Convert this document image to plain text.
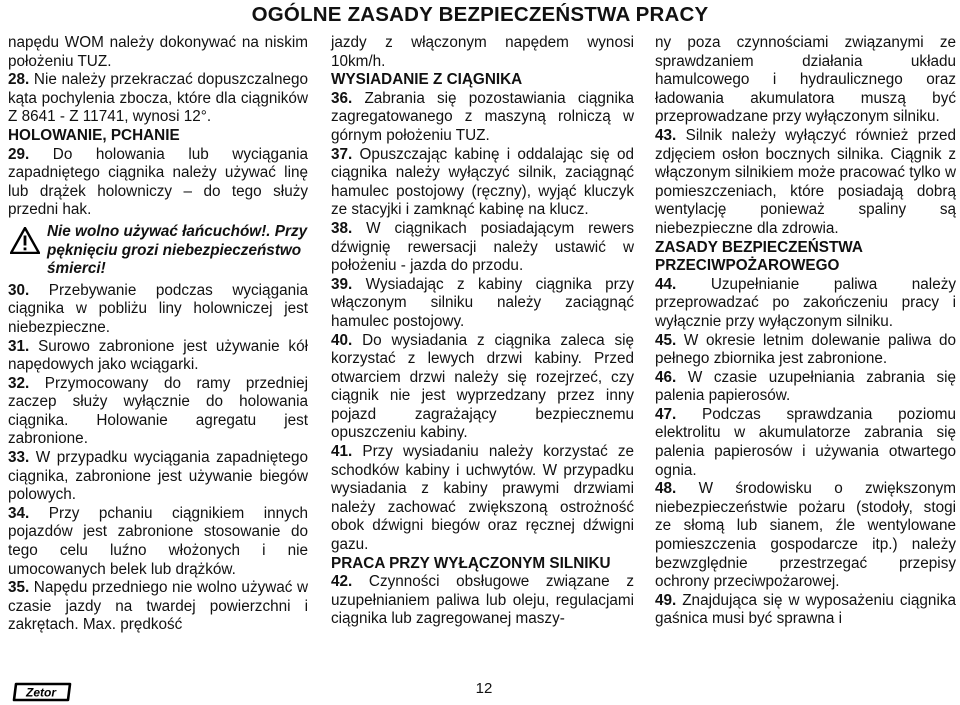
OGÓLNE ZASADY BEZPIECZEŃSTWA PRACY

napędu WOM należy dokonywać na niskim położeniu TUZ.

28. Nie należy przekraczać dopuszczalnego kąta pochylenia zbocza, które dla ciągników Z 8641 - Z 11741, wynosi 12°.

HOLOWANIE, PCHANIE

29. Do holowania lub wyciągania zapadniętego ciągnika należy używać linę lub drążek holowniczy – do tego służy przedni hak.

Nie wolno używać łańcuchów!. Przy pęknięciu grozi niebezpieczeństwo śmierci!

30. Przebywanie podczas wyciągania ciągnika w pobliżu liny holowniczej jest niebezpieczne.

31. Surowo zabronione jest używanie kół napędowych jako wciągarki.

32. Przymocowany do ramy przedniej zaczep służy wyłącznie do holowania ciągnika. Holowanie agregatu jest zabronione.

33. W przypadku wyciągania zapadniętego ciągnika, zabronione jest używanie biegów polowych.

34. Przy pchaniu ciągnikiem innych pojazdów jest zabronione stosowanie do tego celu luźno włożonych i nie umocowanych belek lub drążków.

35. Napędu przedniego nie wolno używać w czasie jazdy na twardej powierzchni i zakrętach. Max. prędkość

jazdy z włączonym napędem wynosi 10km/h.

WYSIADANIE Z CIĄGNIKA

36. Zabrania się pozostawiania ciągnika zagregatowanego z maszyną rolniczą w górnym położeniu TUZ.

37. Opuszczając kabinę i oddalając się od ciągnika należy wyłączyć silnik, zaciągnąć hamulec postojowy (ręczny), wyjąć kluczyk ze stacyjki i zamknąć kabinę na klucz.

38. W ciągnikach posiadającym rewers dźwignię rewersacji należy ustawić w położeniu - jazda do przodu.

39. Wysiadając z kabiny ciągnika przy włączonym silniku należy zaciągnąć hamulec postojowy.

40. Do wysiadania z ciągnika zaleca się korzystać z lewych drzwi kabiny. Przed otwarciem drzwi należy się rozejrzeć, czy ciągnik nie jest wyprzedzany przez inny pojazd zagrażający bezpiecznemu opuszczeniu kabiny.

41. Przy wysiadaniu należy korzystać ze schodków kabiny i uchwytów. W przypadku wysiadania z kabiny prawymi drzwiami należy zachować zwiększoną ostrożność obok dźwigni biegów oraz ręcznej dźwigni gazu.

PRACA PRZY WYŁĄCZONYM SILNIKU

42. Czynności obsługowe związane z uzupełnianiem paliwa lub oleju, regulacjami ciągnika lub zagregowanej maszy-

ny poza czynnościami związanymi ze sprawdzaniem działania układu hamulcowego i hydraulicznego oraz ładowania akumulatora muszą być przeprowadzane przy wyłączonym silniku.

43. Silnik należy wyłączyć również przed zdjęciem osłon bocznych silnika. Ciągnik z włączonym silnikiem może pracować tylko w pomieszczeniach, które posiadają dobrą wentylację ponieważ spaliny są niebezpieczne dla zdrowia.

ZASADY BEZPIECZEŃSTWA PRZECIWPOŻAROWEGO

44. Uzupełnianie paliwa należy przeprowadzać po zakończeniu pracy i wyłącznie przy wyłączonym silniku.

45. W okresie letnim dolewanie paliwa do pełnego zbiornika jest zabronione.

46. W czasie uzupełniania zabrania się palenia papierosów.

47. Podczas sprawdzania poziomu elektrolitu w akumulatorze zabrania się palenia papierosów i używania otwartego ognia.

48. W środowisku o zwiększonym niebezpieczeństwie pożaru (stodoły, stogi ze słomą lub sianem, źle wentylowane pomieszczenia gospodarcze itp.) należy bezwzględnie przestrzegać przepisy ochrony przeciwpożarowej.

49. Znajdująca się w wyposażeniu ciągnika gaśnica musi być sprawna i

Zetor	12
